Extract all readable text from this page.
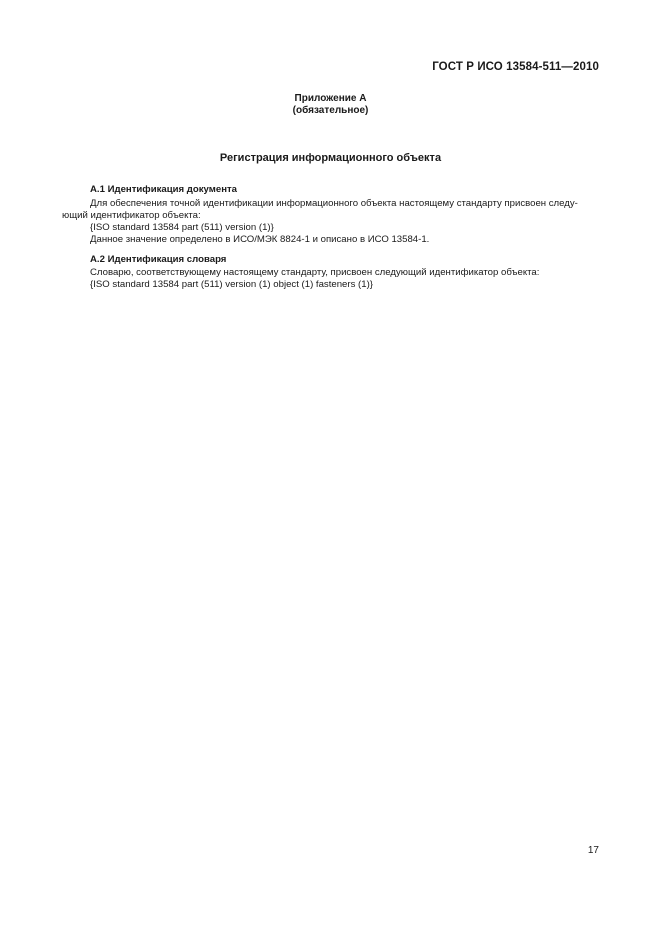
ГОСТ Р ИСО 13584-511—2010
Приложение А
(обязательное)
Регистрация информационного объекта
А.1 Идентификация документа
Для обеспечения точной идентификации информационного объекта настоящему стандарту присвоен следу-ющий идентификатор объекта:
{ISO standard 13584 part (511) version (1)}
Данное значение определено в ИСО/МЭК 8824-1 и описано в ИСО 13584-1.
А.2 Идентификация словаря
Словарю, соответствующему настоящему стандарту, присвоен следующий идентификатор объекта:
{ISO standard 13584 part (511) version (1) object (1) fasteners (1)}
17
